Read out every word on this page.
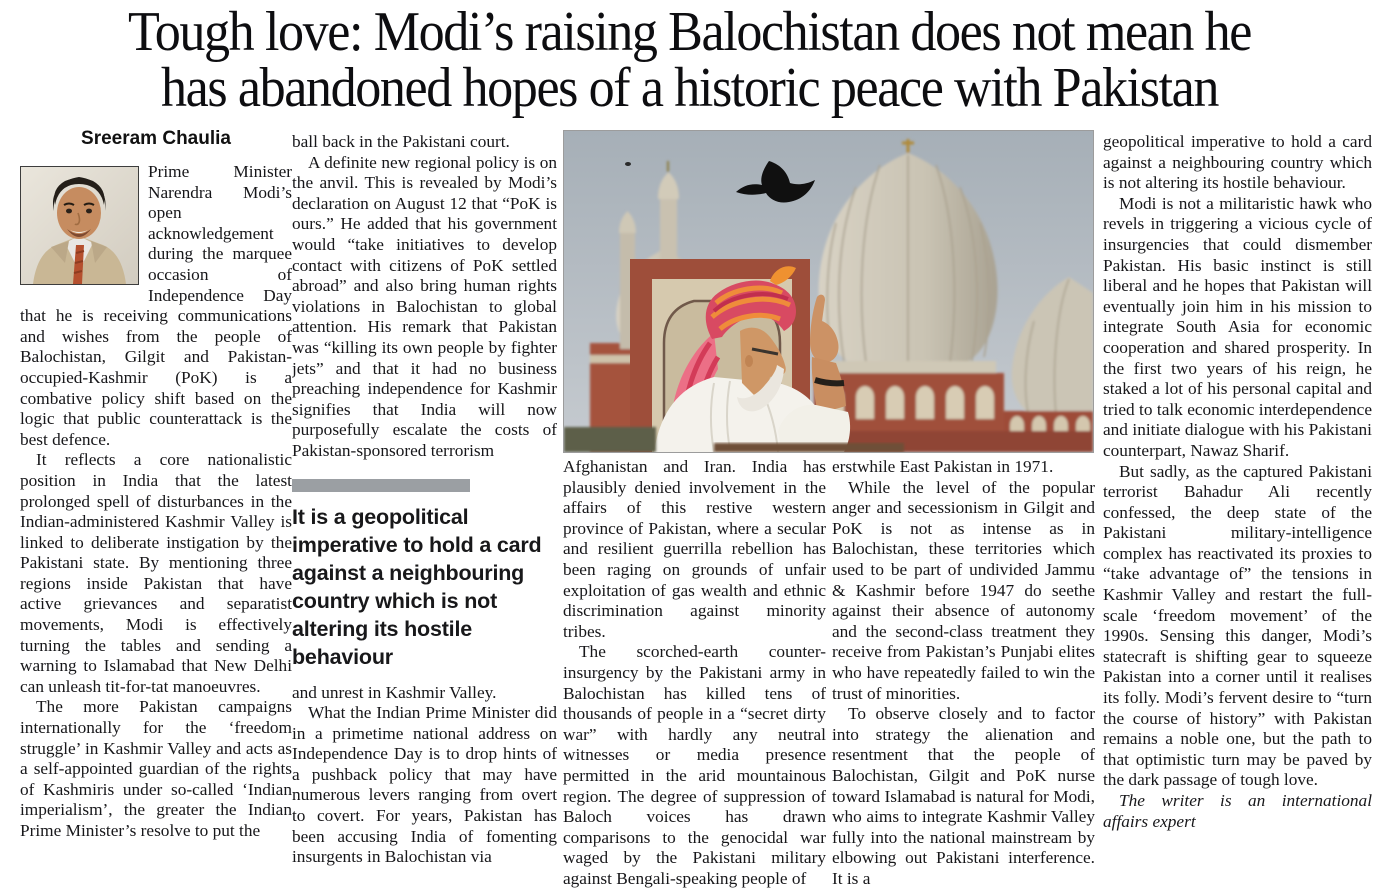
Tough love: Modi’s raising Balochistan does not mean he
has abandoned hopes of a historic peace with Pakistan
Sreeram Chaulia

Prime Minister Narendra Modi’s open acknowledgement during the marquee occasion of Independence Day that he is receiving communications and wishes from the people of Balochistan, Gilgit and Pakistan-occupied-Kashmir (PoK) is a combative policy shift based on the logic that public counterattack is the best defence.

It reflects a core nationalistic position in India that the latest prolonged spell of disturbances in the Indian-administered Kashmir Valley is linked to deliberate instigation by the Pakistani state. By mentioning three regions inside Pakistan that have active grievances and separatist movements, Modi is effectively turning the tables and sending a warning to Islamabad that New Delhi can unleash tit-for-tat manoeuvres.

The more Pakistan campaigns internationally for the ‘freedom struggle’ in Kashmir Valley and acts as a self-appointed guardian of the rights of Kashmiris under so-called ‘Indian imperialism’, the greater the Indian Prime Minister’s resolve to put the

ball back in the Pakistani court.

A definite new regional policy is on the anvil. This is revealed by Modi’s declaration on August 12 that “PoK is ours.” He added that his government would “take initiatives to develop contact with citizens of PoK settled abroad” and also bring human rights violations in Balochistan to global attention. His remark that Pakistan was “killing its own people by fighter jets” and that it had no business preaching independence for Kashmir signifies that India will now purposefully escalate the costs of Pakistan-sponsored terrorism

It is a geopolitical imperative to hold a card against a neighbouring country which is not altering its hostile behaviour

and unrest in Kashmir Valley.

What the Indian Prime Minister did in a primetime national address on Independence Day is to drop hints of a pushback policy that may have numerous levers ranging from overt to covert. For years, Pakistan has been accusing India of fomenting insurgents in Balochistan via

Afghanistan and Iran. India has plausibly denied involvement in the affairs of this restive western province of Pakistan, where a secular and resilient guerrilla rebellion has been raging on grounds of unfair exploitation of gas wealth and ethnic discrimination against minority tribes.

The scorched-earth counter-insurgency by the Pakistani army in Balochistan has killed tens of thousands of people in a “secret dirty war” with hardly any neutral witnesses or media presence permitted in the arid mountainous region. The degree of suppression of Baloch voices has drawn comparisons to the genocidal war waged by the Pakistani military against Bengali-speaking people of

erstwhile East Pakistan in 1971.

While the level of the popular anger and secessionism in Gilgit and PoK is not as intense as in Balochistan, these territories which used to be part of undivided Jammu & Kashmir before 1947 do seethe against their absence of autonomy and the second-class treatment they receive from Pakistan’s Punjabi elites who have repeatedly failed to win the trust of minorities.

To observe closely and to factor into strategy the alienation and resentment that the people of Balochistan, Gilgit and PoK nurse toward Islamabad is natural for Modi, who aims to integrate Kashmir Valley fully into the national mainstream by elbowing out Pakistani interference. It is a

geopolitical imperative to hold a card against a neighbouring country which is not altering its hostile behaviour.

Modi is not a militaristic hawk who revels in triggering a vicious cycle of insurgencies that could dismember Pakistan. His basic instinct is still liberal and he hopes that Pakistan will eventually join him in his mission to integrate South Asia for economic cooperation and shared prosperity. In the first two years of his reign, he staked a lot of his personal capital and tried to talk economic interdependence and initiate dialogue with his Pakistani counterpart, Nawaz Sharif.

But sadly, as the captured Pakistani terrorist Bahadur Ali recently confessed, the deep state of the Pakistani military-intelligence complex has reactivated its proxies to “take advantage of” the tensions in Kashmir Valley and restart the full-scale ‘freedom movement’ of the 1990s. Sensing this danger, Modi’s statecraft is shifting gear to squeeze Pakistan into a corner until it realises its folly. Modi’s fervent desire to “turn the course of history” with Pakistan remains a noble one, but the path to that optimistic turn may be paved by the dark passage of tough love.

The writer is an international affairs expert
